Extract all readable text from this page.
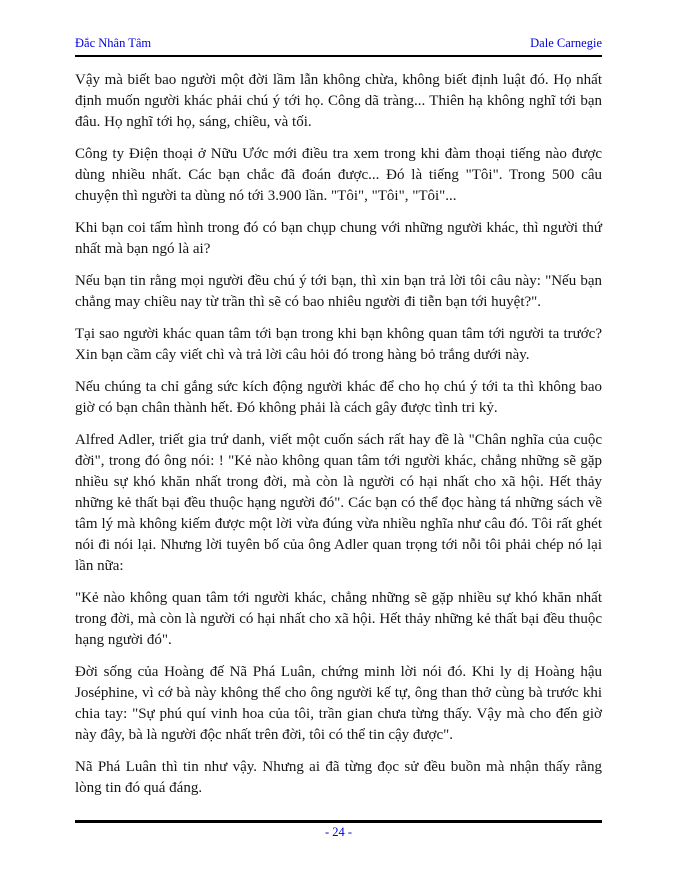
Đắc Nhân Tâm	Dale Carnegie

Vậy mà biết bao người một đời lầm lẫn không chừa, không biết định luật đó. Họ nhất định muốn người khác phải chú ý tới họ. Công dã tràng... Thiên hạ không nghĩ tới bạn đâu. Họ nghĩ tới họ, sáng, chiều, và tối.

Công ty Điện thoại ở Nữu Ước mới điều tra xem trong khi đàm thoại tiếng nào được dùng nhiều nhất. Các bạn chắc đã đoán được... Đó là tiếng "Tôi". Trong 500 câu chuyện thì người ta dùng nó tới 3.900 lần. "Tôi", "Tôi", "Tôi"...

Khi bạn coi tấm hình trong đó có bạn chụp chung với những người khác, thì người thứ nhất mà bạn ngó là ai?

Nếu bạn tin rằng mọi người đều chú ý tới bạn, thì xin bạn trả lời tôi câu này: "Nếu bạn chẳng may chiều nay từ trần thì sẽ có bao nhiêu người đi tiễn bạn tới huyệt?".

Tại sao người khác quan tâm tới bạn trong khi bạn không quan tâm tới người ta trước? Xin bạn cầm cây viết chì và trả lời câu hỏi đó trong hàng bỏ trắng dưới này.

Nếu chúng ta chỉ gắng sức kích động người khác để cho họ chú ý tới ta thì không bao giờ có bạn chân thành hết. Đó không phải là cách gây được tình tri kỷ.

Alfred Adler, triết gia trứ danh, viết một cuốn sách rất hay đề là "Chân nghĩa của cuộc đời", trong đó ông nói: ! "Kẻ nào không quan tâm tới người khác, chẳng những sẽ gặp nhiều sự khó khăn nhất trong đời, mà còn là người có hại nhất cho xã hội. Hết thảy những kẻ thất bại đều thuộc hạng người đó". Các bạn có thể đọc hàng tá những sách về tâm lý mà không kiếm được một lời vừa đúng vừa nhiều nghĩa như câu đó. Tôi rất ghét nói đi nói lại. Nhưng lời tuyên bố của ông Adler quan trọng tới nỗi tôi phải chép nó lại lần nữa:

"Kẻ nào không quan tâm tới người khác, chẳng những sẽ gặp nhiều sự khó khăn nhất trong đời, mà còn là người có hại nhất cho xã hội. Hết thảy những kẻ thất bại đều thuộc hạng người đó".

Đời sống của Hoàng đế Nã Phá Luân, chứng minh lời nói đó. Khi ly dị Hoàng hậu Joséphine, vì cớ bà này không thể cho ông người kế tự, ông than thở cùng bà trước khi chia tay: "Sự phú quí vinh hoa của tôi, trần gian chưa từng thấy. Vậy mà cho đến giờ này đây, bà là người độc nhất trên đời, tôi có thể tin cậy được".

Nã Phá Luân thì tin như vậy. Nhưng ai đã từng đọc sử đều buồn mà nhận thấy rằng lòng tin đó quá đáng.

- 24 -
